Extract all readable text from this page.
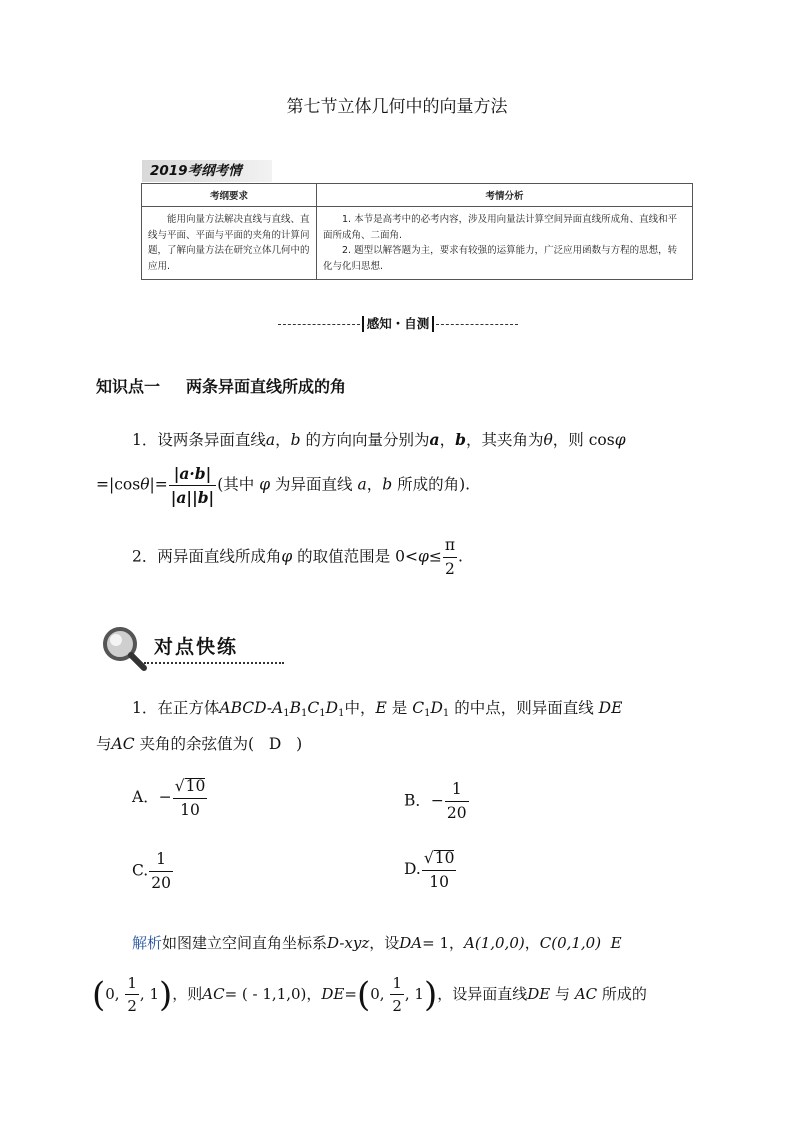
第七节立体几何中的向量方法
2019考纲考情
考纲要求	考情分析
能用向量方法解决直线与直线、直线与平面、平面与平面的夹角的计算问题，了解向量方法在研究立体几何中的应用.	1. 本节是高考中的必考内容，涉及用向量法计算空间异面直线所成角、直线和平面所成角、二面角.
2. 题型以解答题为主，要求有较强的运算能力，广泛应用函数与方程的思想，转化与化归思想.
感知・自测
知识点一 两条异面直线所成的角
1．设两条异面直线a，b 的方向向量分别为a，b，其夹角为θ，则 cosφ
$=|\cos\theta|= \frac{|a\cdot b|}{|a||b|}$ (其中 φ 为异面直线 a，b 所成的角).
2．两异面直线所成角φ 的取值范围是 $0<\varphi\le \frac{\pi}{2}$ .
对点快练
1．在正方体ABCD-$A_1B_1C_1D_1$中，E 是 $C_1D_1$ 的中点，则异面直线 DE
与AC 夹角的余弦值为( D )
A．− $\frac{√10}{10}$	B．− $\frac{1}{20}$
C. $\frac{1}{20}$	D. $\frac{√10}{10}$
解析如图建立空间直角坐标系D-xyz，设DA= 1，A(1,0,0)，C(0,1,0) E
(0, $\frac{1}{2}$ , 1)，则AC= ( - 1,1,0)，DE=(0, $\frac{1}{2}$ , 1)，设异面直线DE 与 AC 所成的
